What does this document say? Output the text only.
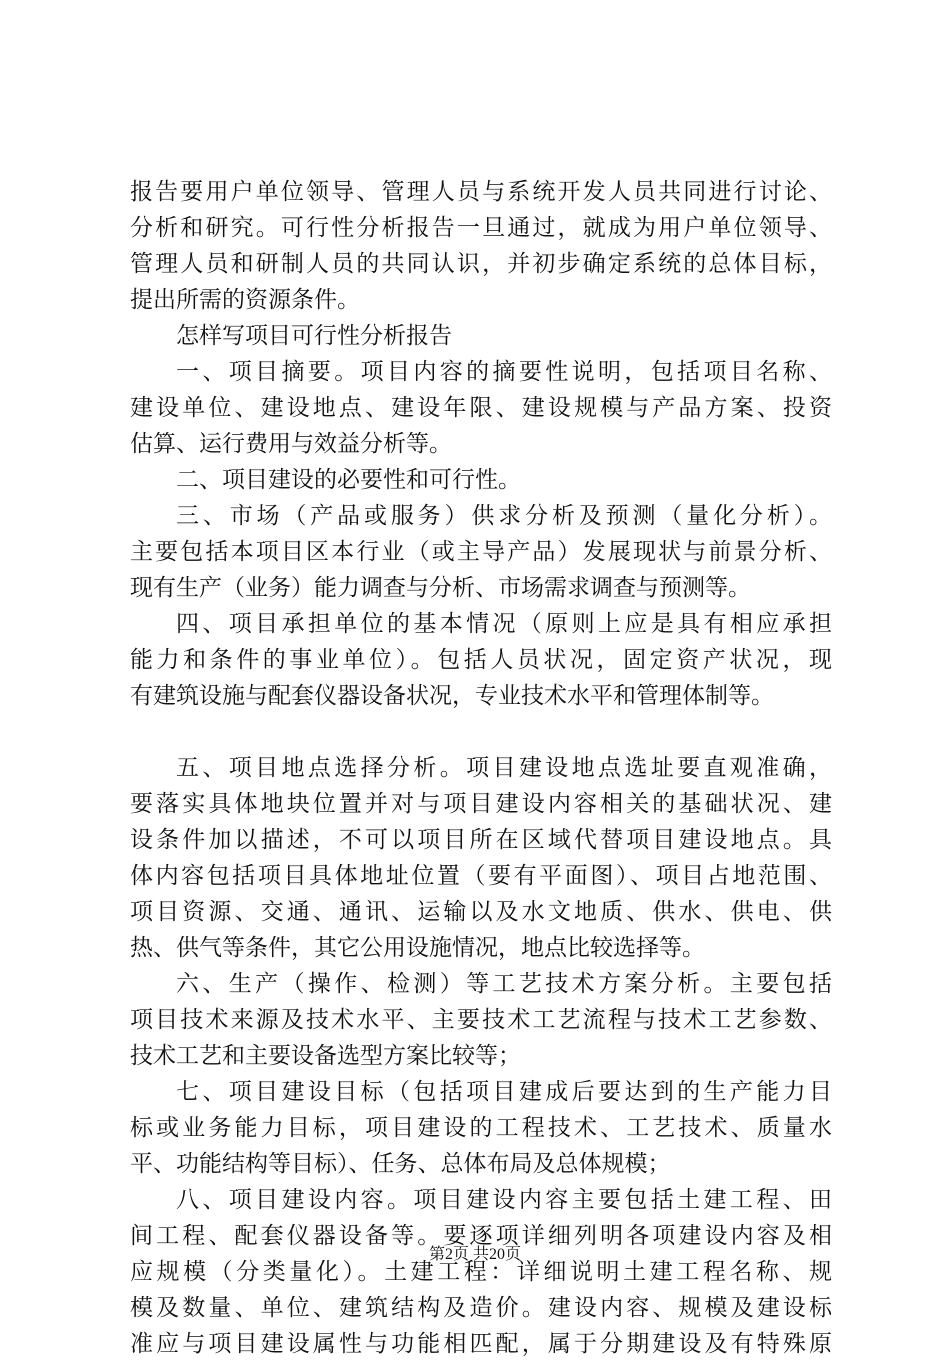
报告要用户单位领导、管理人员与系统开发人员共同进行讨论、
分析和研究。可行性分析报告一旦通过，就成为用户单位领导、
管理人员和研制人员的共同认识，并初步确定系统的总体目标，
提出所需的资源条件。
怎样写项目可行性分析报告
一、项目摘要。项目内容的摘要性说明，包括项目名称、
建设单位、建设地点、建设年限、建设规模与产品方案、投资
估算、运行费用与效益分析等。
二、项目建设的必要性和可行性。
三、市场（产品或服务）供求分析及预测（量化分析）。
主要包括本项目区本行业（或主导产品）发展现状与前景分析、
现有生产（业务）能力调查与分析、市场需求调查与预测等。
四、项目承担单位的基本情况（原则上应是具有相应承担
能力和条件的事业单位）。包括人员状况，固定资产状况，现
有建筑设施与配套仪器设备状况，专业技术水平和管理体制等。
五、项目地点选择分析。项目建设地点选址要直观准确，
要落实具体地块位置并对与项目建设内容相关的基础状况、建
设条件加以描述，不可以项目所在区域代替项目建设地点。具
体内容包括项目具体地址位置（要有平面图）、项目占地范围、
项目资源、交通、通讯、运输以及水文地质、供水、供电、供
热、供气等条件，其它公用设施情况，地点比较选择等。
六、生产（操作、检测）等工艺技术方案分析。主要包括
项目技术来源及技术水平、主要技术工艺流程与技术工艺参数、
技术工艺和主要设备选型方案比较等；
七、项目建设目标（包括项目建成后要达到的生产能力目
标或业务能力目标，项目建设的工程技术、工艺技术、质量水
平、功能结构等目标）、任务、总体布局及总体规模；
八、项目建设内容。项目建设内容主要包括土建工程、田
间工程、配套仪器设备等。要逐项详细列明各项建设内容及相
应规模（分类量化）。土建工程：详细说明土建工程名称、规
模及数量、单位、建筑结构及造价。建设内容、规模及建设标
准应与项目建设属性与功能相匹配，属于分期建设及有特殊原
第2页 共20页
